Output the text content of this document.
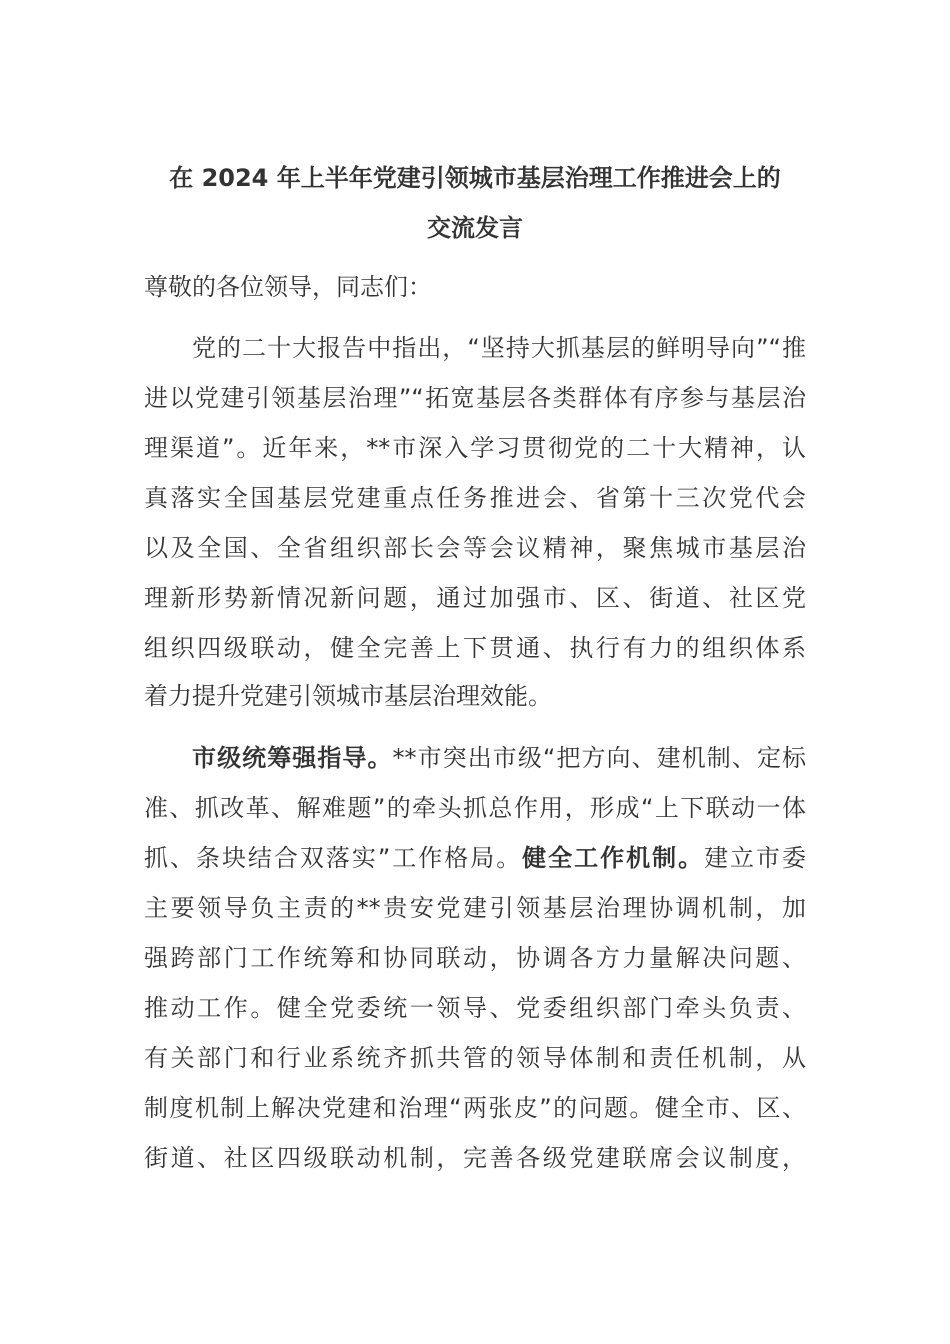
在 2024 年上半年党建引领城市基层治理工作推进会上的
交流发言
尊敬的各位领导，同志们：
党的二十大报告中指出，“坚持大抓基层的鲜明导向”“推
进以党建引领基层治理”“拓宽基层各类群体有序参与基层治
理渠道”。近年来，**市深入学习贯彻党的二十大精神，认
真落实全国基层党建重点任务推进会、省第十三次党代会
以及全国、全省组织部长会等会议精神，聚焦城市基层治
理新形势新情况新问题，通过加强市、区、街道、社区党
组织四级联动，健全完善上下贯通、执行有力的组织体系
着力提升党建引领城市基层治理效能。
市级统筹强指导。**市突出市级“把方向、建机制、定标
准、抓改革、解难题”的牵头抓总作用，形成“上下联动一体
抓、条块结合双落实”工作格局。健全工作机制。建立市委
主要领导负主责的**贵安党建引领基层治理协调机制，加
强跨部门工作统筹和协同联动，协调各方力量解决问题、
推动工作。健全党委统一领导、党委组织部门牵头负责、
有关部门和行业系统齐抓共管的领导体制和责任机制，从
制度机制上解决党建和治理“两张皮”的问题。健全市、区、
街道、社区四级联动机制，完善各级党建联席会议制度，
